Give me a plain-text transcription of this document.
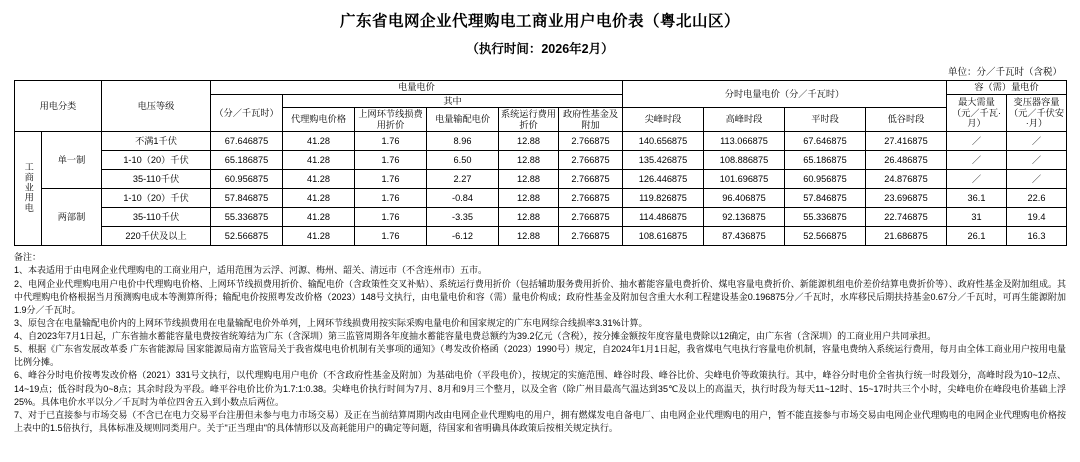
广东省电网企业代理购电工商业用户电价表（粤北山区）
（执行时间：2026年2月）
单位：分／千瓦时（含税）
用电分类		电压等级	电量电价						分时电量电价（分／千瓦时）				容（需）量电价	
			（分／千瓦时）	其中									最大需量
（元／千瓦·月）	变压器容量
（元／千伏安·月）
				代理购电价格	上网环节线损费用折价	电量输配电价	系统运行费用折价	政府性基金及附加	尖峰时段	高峰时段	平时段	低谷时段		
工商业用电	单一制	不满1千伏	67.646875	41.28	1.76	8.96	12.88	2.766875	140.656875	113.066875	67.646875	27.416875	／	／
		1-10（20）千伏	65.186875	41.28	1.76	6.50	12.88	2.766875	135.426875	108.886875	65.186875	26.486875	／	／
		35-110千伏	60.956875	41.28	1.76	2.27	12.88	2.766875	126.446875	101.696875	60.956875	24.876875	／	／
	两部制	1-10（20）千伏	57.846875	41.28	1.76	-0.84	12.88	2.766875	119.826875	96.406875	57.846875	23.696875	36.1	22.6
		35-110千伏	55.336875	41.28	1.76	-3.35	12.88	2.766875	114.486875	92.136875	55.336875	22.746875	31	19.4
		220千伏及以上	52.566875	41.28	1.76	-6.12	12.88	2.766875	108.616875	87.436875	52.566875	21.686875	26.1	16.3
备注：
1、本表适用于由电网企业代理购电的工商业用户，适用范围为云浮、河源、梅州、韶关、清远市（不含连州市）五市。
2、电网企业代理购电用户电价中代理购电价格、上网环节线损费用折价、输配电价（含政策性交叉补贴）、系统运行费用折价（包括辅助服务费用折价、抽水蓄能容量电费折价、煤电容量电费折价、新能源机组电价差价结算电费折价等）、政府性基金及附加组成。其中代理购电价格根据当月预测购电成本等测算所得；输配电价按照粤发改价格（2023）148号文执行，由电量电价和容（需）量电价构成；政府性基金及附加包含重大水利工程建设基金0.196875分／千瓦时，水库移民后期扶持基金0.67分／千瓦时，可再生能源附加1.9分／千瓦时。
3、原包含在电量输配电价内的上网环节线损费用在电量输配电价外单列，上网环节线损费用按实际采购电量电价和国家规定的广东电网综合线损率3.31%计算。
4、自2023年7月1日起，广东省抽水蓄能容量电费按省统筹结为广东（含深圳）第三监管周期各年度抽水蓄能容量电费总额约为39.2亿元（含税），按分摊金额按年度容量电费除以12确定，由广东省（含深圳）的工商业用户共同承担。
5、根据《广东省发展改革委 广东省能源局 国家能源局南方监管局关于我省煤电电价机制有关事项的通知》（粤发改价格函（2023）1990号）规定，自2024年1月1日起，我省煤电气电执行容量电价机制，容量电费纳入系统运行费用，每月由全体工商业用户按用电量比例分摊。
6、峰谷分时电价按粤发改价格（2021）331号文执行，以代理购电用户电价（不含政府性基金及附加）为基础电价（平段电价），按规定的实施范围、峰谷时段、峰谷比价、尖峰电价等政策执行。其中，峰谷分时电价全省执行统一时段划分，高峰时段为10~12点、14~19点；低谷时段为0~8点；其余时段为平段。峰平谷电价比价为1.7:1:0.38。尖峰电价执行时间为7月、8月和9月三个整月，以及全省（除广州目最高气温达到35℃及以上的高温天，执行时段为每天11~12时、15~17时共三个小时，尖峰电价在峰段电价基础上浮25%。具体电价水平以分／千瓦时为单位四舍五入到小数点后两位。
7、对于已直接参与市场交易（不含已在电力交易平台注册但未参与电力市场交易）及正在当前结算周期内改由电网企业代理购电的用户，拥有燃煤发电自备电厂、由电网企业代理购电的用户，暂不能直接参与市场交易由电网企业代理购电的电网企业代理购电价格按上表中的1.5倍执行，具体标准及规则同类用户。关于"正当理由"的具体情形以及高耗能用户的确定等问题，待国家和省明确具体政策后按相关规定执行。
